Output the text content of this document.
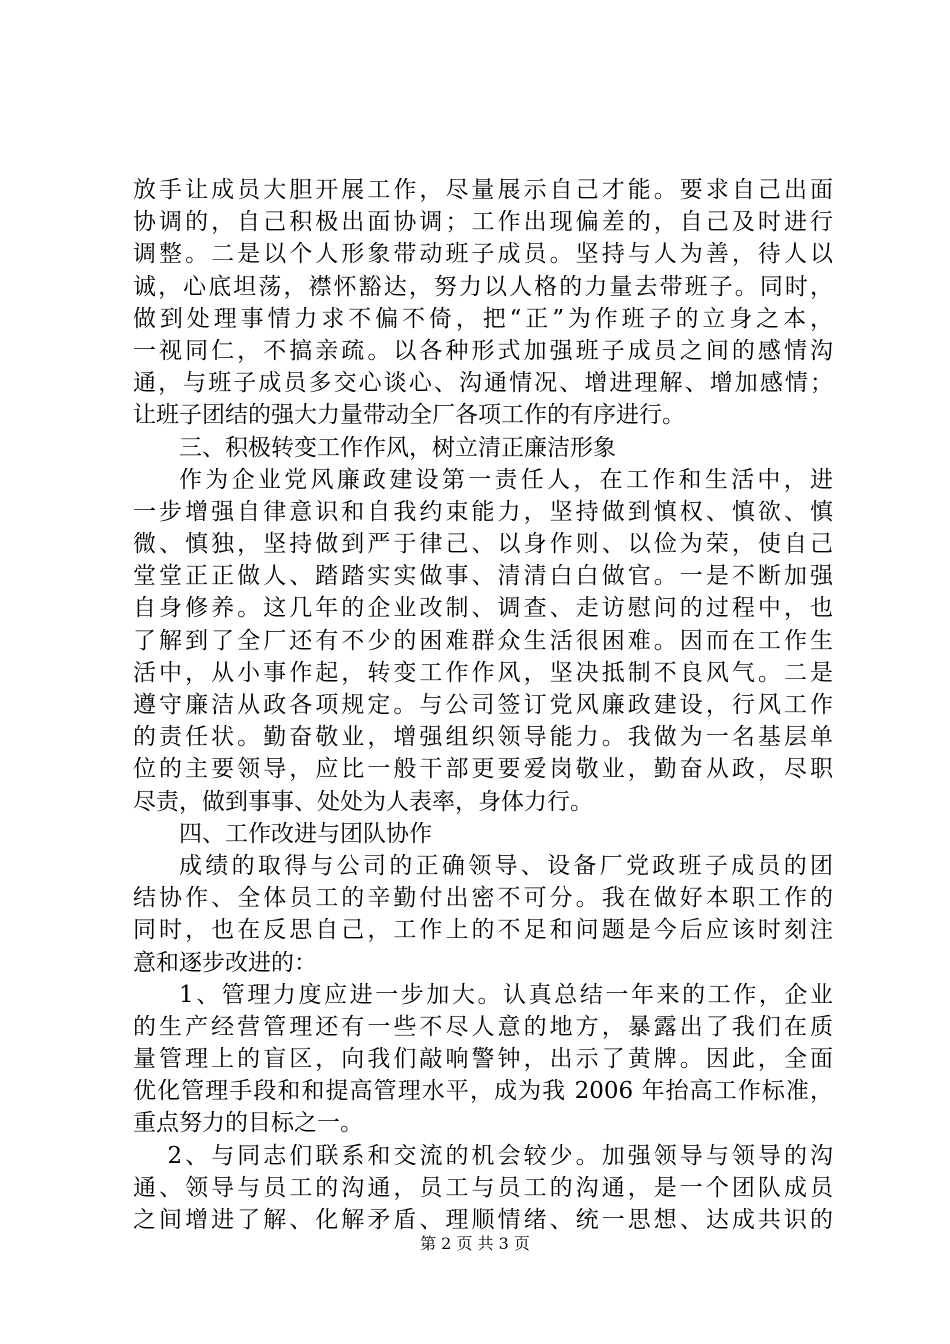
放手让成员大胆开展工作，尽量展示自己才能。要求自己出面
协调的，自己积极出面协调；工作出现偏差的，自己及时进行
调整。二是以个人形象带动班子成员。坚持与人为善，待人以
诚，心底坦荡，襟怀豁达，努力以人格的力量去带班子。同时，
做到处理事情力求不偏不倚，把“正”为作班子的立身之本，
一视同仁，不搞亲疏。以各种形式加强班子成员之间的感情沟
通，与班子成员多交心谈心、沟通情况、增进理解、增加感情；
让班子团结的强大力量带动全厂各项工作的有序进行。
三、积极转变工作作风，树立清正廉洁形象
作为企业党风廉政建设第一责任人，在工作和生活中，进
一步增强自律意识和自我约束能力，坚持做到慎权、慎欲、慎
微、慎独，坚持做到严于律己、以身作则、以俭为荣，使自己
堂堂正正做人、踏踏实实做事、清清白白做官。一是不断加强
自身修养。这几年的企业改制、调查、走访慰问的过程中，也
了解到了全厂还有不少的困难群众生活很困难。因而在工作生
活中，从小事作起，转变工作作风，坚决抵制不良风气。二是
遵守廉洁从政各项规定。与公司签订党风廉政建设，行风工作
的责任状。勤奋敬业，增强组织领导能力。我做为一名基层单
位的主要领导，应比一般干部更要爱岗敬业，勤奋从政，尽职
尽责，做到事事、处处为人表率，身体力行。
四、工作改进与团队协作
成绩的取得与公司的正确领导、设备厂党政班子成员的团
结协作、全体员工的辛勤付出密不可分。我在做好本职工作的
同时，也在反思自己，工作上的不足和问题是今后应该时刻注
意和逐步改进的：
1、管理力度应进一步加大。认真总结一年来的工作，企业
的生产经营管理还有一些不尽人意的地方，暴露出了我们在质
量管理上的盲区，向我们敲响警钟，出示了黄牌。因此，全面
优化管理手段和和提高管理水平，成为我 2006 年抬高工作标准，
重点努力的目标之一。
2、与同志们联系和交流的机会较少。加强领导与领导的沟
通、领导与员工的沟通，员工与员工的沟通，是一个团队成员
之间增进了解、化解矛盾、理顺情绪、统一思想、达成共识的
第 2 页 共 3 页
